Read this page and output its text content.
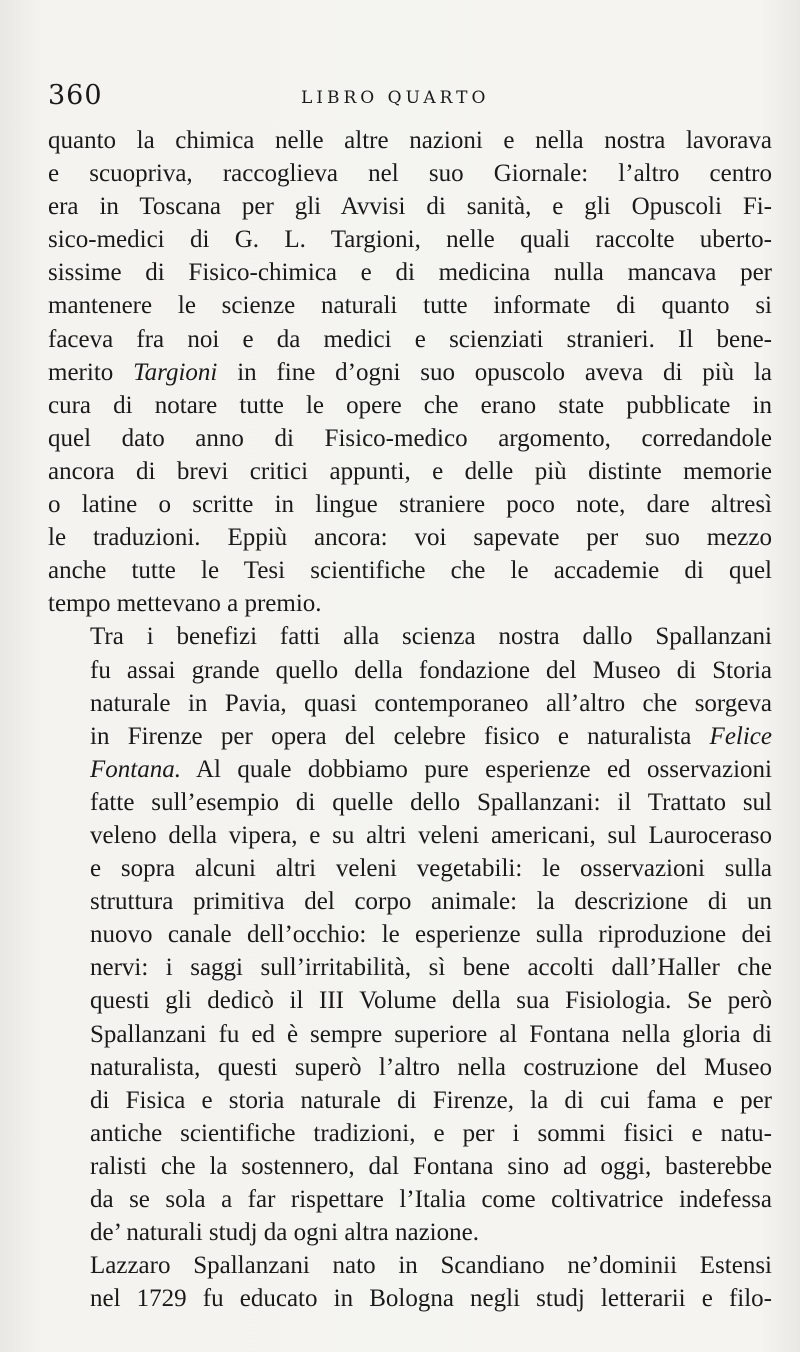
360	LIBRO QUARTO
quanto la chimica nelle altre nazioni e nella nostra lavorava
e scuopriva, raccoglieva nel suo Giornale: l’altro centro
era in Toscana per gli Avvisi di sanità, e gli Opuscoli Fi-
sico-medici di G. L. Targioni, nelle quali raccolte uberto-
sissime di Fisico-chimica e di medicina nulla mancava per
mantenere le scienze naturali tutte informate di quanto si
faceva fra noi e da medici e scienziati stranieri. Il bene-
merito Targioni in fine d’ogni suo opuscolo aveva di più la
cura di notare tutte le opere che erano state pubblicate in
quel dato anno di Fisico-medico argomento, corredandole
ancora di brevi critici appunti, e delle più distinte memorie
o latine o scritte in lingue straniere poco note, dare altresì
le traduzioni. Eppiù ancora: voi sapevate per suo mezzo
anche tutte le Tesi scientifiche che le accademie di quel
tempo mettevano a premio.
Tra i benefizi fatti alla scienza nostra dallo Spallanzani
fu assai grande quello della fondazione del Museo di Storia
naturale in Pavia, quasi contemporaneo all’altro che sorgeva
in Firenze per opera del celebre fisico e naturalista Felice
Fontana. Al quale dobbiamo pure esperienze ed osservazioni
fatte sull’esempio di quelle dello Spallanzani: il Trattato sul
veleno della vipera, e su altri veleni americani, sul Lauroceraso
e sopra alcuni altri veleni vegetabili: le osservazioni sulla
struttura primitiva del corpo animale: la descrizione di un
nuovo canale dell’occhio: le esperienze sulla riproduzione dei
nervi: i saggi sull’irritabilità, sì bene accolti dall’Haller che
questi gli dedicò il III Volume della sua Fisiologia. Se però
Spallanzani fu ed è sempre superiore al Fontana nella gloria di
naturalista, questi superò l’altro nella costruzione del Museo
di Fisica e storia naturale di Firenze, la di cui fama e per
antiche scientifiche tradizioni, e per i sommi fisici e natu-
ralisti che la sostennero, dal Fontana sino ad oggi, basterebbe
da se sola a far rispettare l’Italia come coltivatrice indefessa
de’ naturali studj da ogni altra nazione.
Lazzaro Spallanzani nato in Scandiano ne’dominii Estensi
nel 1729 fu educato in Bologna negli studj letterarii e filo-
